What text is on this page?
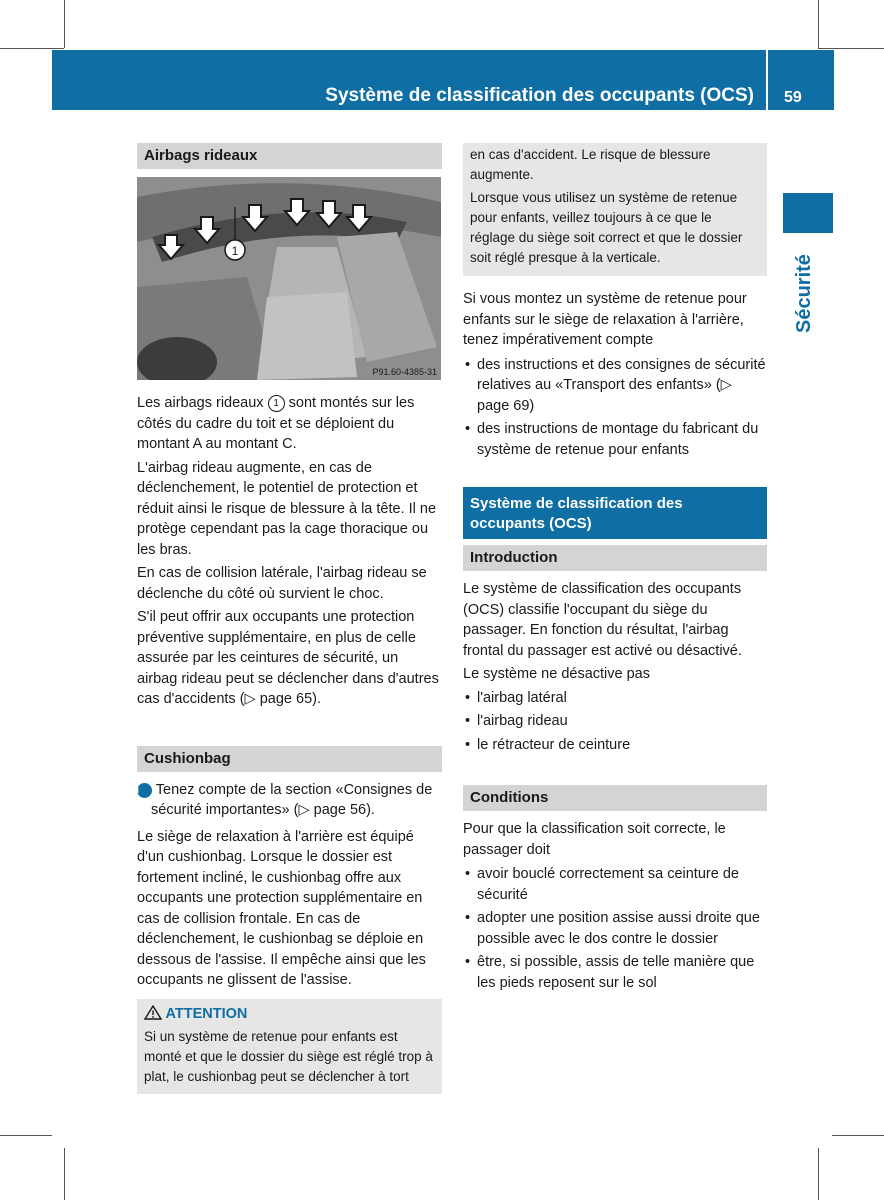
Système de classification des occupants (OCS) 59
Sécurité
Airbags rideaux
1
P91.60-4385-31

Les airbags rideaux 1 sont montés sur les côtés du cadre du toit et se déploient du montant A au montant C.

L'airbag rideau augmente, en cas de déclenchement, le potentiel de protection et réduit ainsi le risque de blessure à la tête. Il ne protège cependant pas la cage thoracique ou les bras.

En cas de collision latérale, l'airbag rideau se déclenche du côté où survient le choc.

S'il peut offrir aux occupants une protection préventive supplémentaire, en plus de celle assurée par les ceintures de sécurité, un airbag rideau peut se déclencher dans d'autres cas d'accidents (▷ page 65).

Cushionbag

i Tenez compte de la section «Consignes de sécurité importantes» (▷ page 56).

Le siège de relaxation à l'arrière est équipé d'un cushionbag. Lorsque le dossier est fortement incliné, le cushionbag offre aux occupants une protection supplémentaire en cas de collision frontale. En cas de déclenchement, le cushionbag se déploie en dessous de l'assise. Il empêche ainsi que les occupants ne glissent de l'assise.

ATTENTION
Si un système de retenue pour enfants est monté et que le dossier du siège est réglé trop à plat, le cushionbag peut se déclencher à tort

en cas d'accident. Le risque de blessure augmente.

Lorsque vous utilisez un système de retenue pour enfants, veillez toujours à ce que le réglage du siège soit correct et que le dossier soit réglé presque à la verticale.

Si vous montez un système de retenue pour enfants sur le siège de relaxation à l'arrière, tenez impérativement compte

• des instructions et des consignes de sécurité relatives au «Transport des enfants» (▷ page 69)
• des instructions de montage du fabricant du système de retenue pour enfants
Système de classification des occupants (OCS)
Introduction

Le système de classification des occupants (OCS) classifie l'occupant du siège du passager. En fonction du résultat, l'airbag frontal du passager est activé ou désactivé.

Le système ne désactive pas

• l'airbag latéral
• l'airbag rideau
• le rétracteur de ceinture
Conditions

Pour que la classification soit correcte, le passager doit

• avoir bouclé correctement sa ceinture de sécurité
• adopter une position assise aussi droite que possible avec le dos contre le dossier
• être, si possible, assis de telle manière que les pieds reposent sur le sol
